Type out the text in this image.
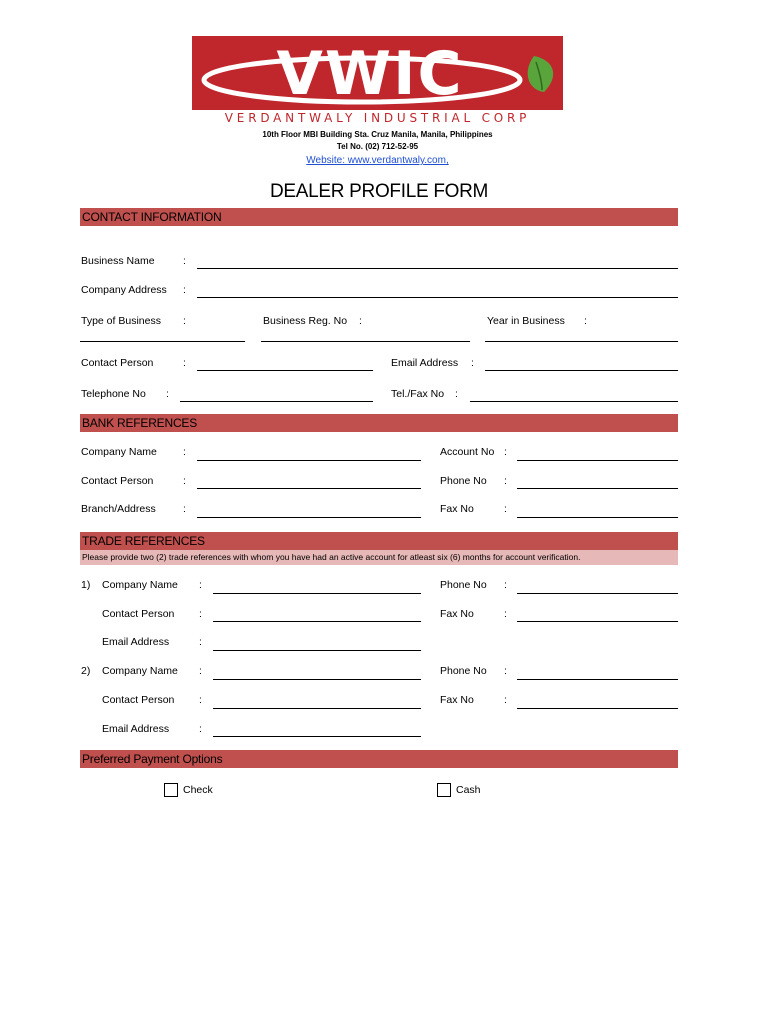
VWIC
VERDANTWALY INDUSTRIAL CORP
10th Floor MBI Building Sta. Cruz Manila, Manila, Philippines
Tel No. (02) 712-52-95
Website: www.verdantwaly.com,
DEALER PROFILE FORM
CONTACT INFORMATION
Business Name	:
Company Address :
Type of Business :	Business Reg. No :	Year in Business :
Contact Person	:	Email Address :
Telephone No :	Tel./Fax No :
BANK REFERENCES
Company Name :	Account No :
Contact Person	:	Phone No :
Branch/Address	:	Fax No	:
TRADE REFERENCES
Please provide two (2) trade references with whom you have had an active account for atleast six (6) months for account verification.
1) Company Name :	Phone No :
Contact Person :	Fax No	:
Email Address	:
2) Company Name :	Phone No :
Contact Person :	Fax No	:
Email Address	:
Preferred Payment Options
Check	Cash
